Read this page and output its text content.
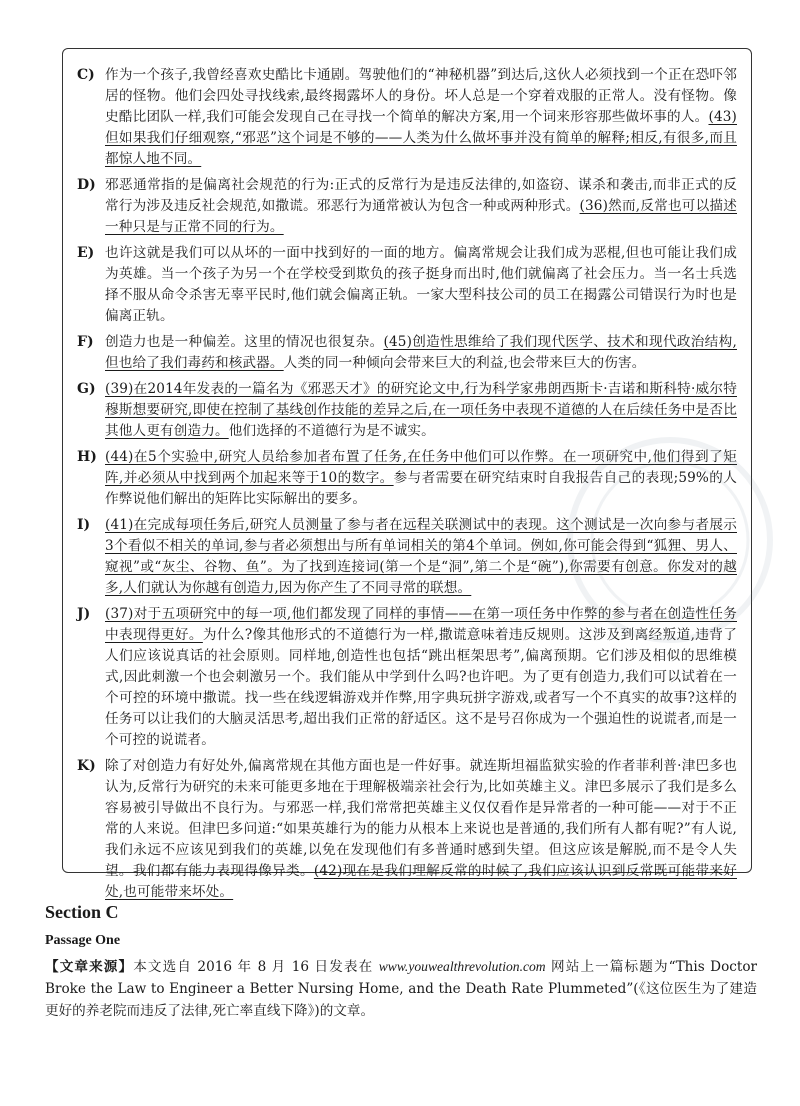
C) 作为一个孩子,我曾经喜欢史酷比卡通剧。驾驶他们的“神秘机器”到达后,这伙人必须找到一个正在恐吓邻居的怪物。他们会四处寻找线索,最终揭露坏人的身份。坏人总是一个穿着戏服的正常人。没有怪物。像史酷比团队一样,我们可能会发现自己在寻找一个简单的解决方案,用一个词来形容那些做坏事的人。(43)但如果我们仔细观察,“邪恶”这个词是不够的——人类为什么做坏事并没有简单的解释;相反,有很多,而且都惊人地不同。
D) 邪恶通常指的是偏离社会规范的行为:正式的反常行为是违反法律的,如盗窃、谋杀和袭击,而非正式的反常行为涉及违反社会规范,如撒谎。邪恶行为通常被认为包含一种或两种形式。(36)然而,反常也可以描述一种只是与正常不同的行为。
E) 也许这就是我们可以从坏的一面中找到好的一面的地方。偏离常规会让我们成为恶棍,但也可能让我们成为英雄。当一个孩子为另一个在学校受到欺负的孩子挺身而出时,他们就偏离了社会压力。当一名士兵选择不服从命令杀害无辜平民时,他们就会偏离正轨。一家大型科技公司的员工在揭露公司错误行为时也是偏离正轨。
F) 创造力也是一种偏差。这里的情况也很复杂。(45)创造性思维给了我们现代医学、技术和现代政治结构,但也给了我们毒药和核武器。人类的同一种倾向会带来巨大的利益,也会带来巨大的伤害。
G) (39)在2014年发表的一篇名为《邪恶天才》的研究论文中,行为科学家弗朗西斯卡·吉诺和斯科特·威尔特穆斯想要研究,即使在控制了基线创作技能的差异之后,在一项任务中表现不道德的人在后续任务中是否比其他人更有创造力。他们选择的不道德行为是不诚实。
H) (44)在5个实验中,研究人员给参加者布置了任务,在任务中他们可以作弊。在一项研究中,他们得到了矩阵,并必须从中找到两个加起来等于10的数字。参与者需要在研究结束时自我报告自己的表现;59%的人作弊说他们解出的矩阵比实际解出的要多。
I)	(41)在完成每项任务后,研究人员测量了参与者在远程关联测试中的表现。这个测试是一次向参与者展示3个看似不相关的单词,参与者必须想出与所有单词相关的第4个单词。例如,你可能会得到“狐狸、男人、窥视”或“灰尘、谷物、鱼”。为了找到连接词(第一个是“洞”,第二个是“碗”),你需要有创意。你发对的越多,人们就认为你越有创造力,因为你产生了不同寻常的联想。
J)	(37)对于五项研究中的每一项,他们都发现了同样的事情——在第一项任务中作弊的参与者在创造性任务中表现得更好。为什么?像其他形式的不道德行为一样,撒谎意味着违反规则。这涉及到离经叛道,违背了人们应该说真话的社会原则。同样地,创造性也包括“跳出框架思考”,偏离预期。它们涉及相似的思维模式,因此刺激一个也会刺激另一个。我们能从中学到什么吗?也许吧。为了更有创造力,我们可以试着在一个可控的环境中撒谎。找一些在线逻辑游戏并作弊,用字典玩拼字游戏,或者写一个不真实的故事?这样的任务可以让我们的大脑灵活思考,超出我们正常的舒适区。这不是号召你成为一个强迫性的说谎者,而是一个可控的说谎者。
K) 除了对创造力有好处外,偏离常规在其他方面也是一件好事。就连斯坦福监狱实验的作者菲利普·津巴多也认为,反常行为研究的未来可能更多地在于理解极端亲社会行为,比如英雄主义。津巴多展示了我们是多么容易被引导做出不良行为。与邪恶一样,我们常常把英雄主义仅仅看作是异常者的一种可能——对于不正常的人来说。但津巴多问道:“如果英雄行为的能力从根本上来说也是普通的,我们所有人都有呢?”有人说,我们永远不应该见到我们的英雄,以免在发现他们有多普通时感到失望。但这应该是解脱,而不是令人失望。我们都有能力表现得像异类。(42)现在是我们理解反常的时候了,我们应该认识到反常既可能带来好处,也可能带来坏处。
Section C
Passage One
【文章来源】本文选自 2016 年 8 月 16 日发表在 www.youwealthrevolution.com 网站上一篇标题为“This Doctor Broke the Law to Engineer a Better Nursing Home, and the Death Rate Plummeted”(《这位医生为了建造更好的养老院而违反了法律,死亡率直线下降》)的文章。
